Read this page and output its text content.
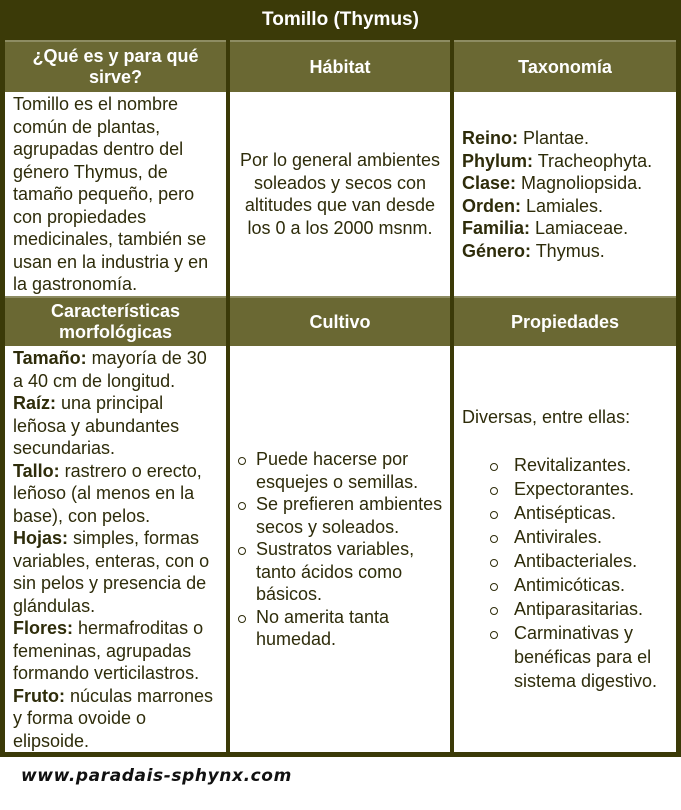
Tomillo (Thymus)
¿Qué es y para qué sirve?
Hábitat	Taxonomía
Tomillo es el nombre común de plantas, agrupadas dentro del género Thymus, de tamaño pequeño, pero con propiedades medicinales, también se usan en la industria y en la gastronomía.
Por lo general ambientes soleados y secos con altitudes que van desde los 0 a los 2000 msnm.
Reino: Plantae.
Phylum: Tracheophyta.
Clase: Magnoliopsida.
Orden: Lamiales.
Familia: Lamiaceae.
Género: Thymus.
Características morfológicas
Cultivo	Propiedades
Tamaño: mayoría de 30 a 40 cm de longitud.
Raíz: una principal leñosa y abundantes secundarias.
Tallo: rastrero o erecto, leñoso (al menos en la base), con pelos.
Hojas: simples, formas variables, enteras, con o sin pelos y presencia de glándulas.
Flores: hermafroditas o femeninas, agrupadas formando verticilastros.
Fruto: núculas marrones y forma ovoide o elipsoide.
Puede hacerse por esquejes o semillas.
Se prefieren ambientes secos y soleados.
Sustratos variables, tanto ácidos como básicos.
No amerita tanta humedad.
Diversas, entre ellas:
Revitalizantes.
Expectorantes.
Antisépticas.
Antivirales.
Antibacteriales.
Antimicóticas.
Antiparasitarias.
Carminativas y benéficas para el sistema digestivo.
www.paradais-sphynx.com
